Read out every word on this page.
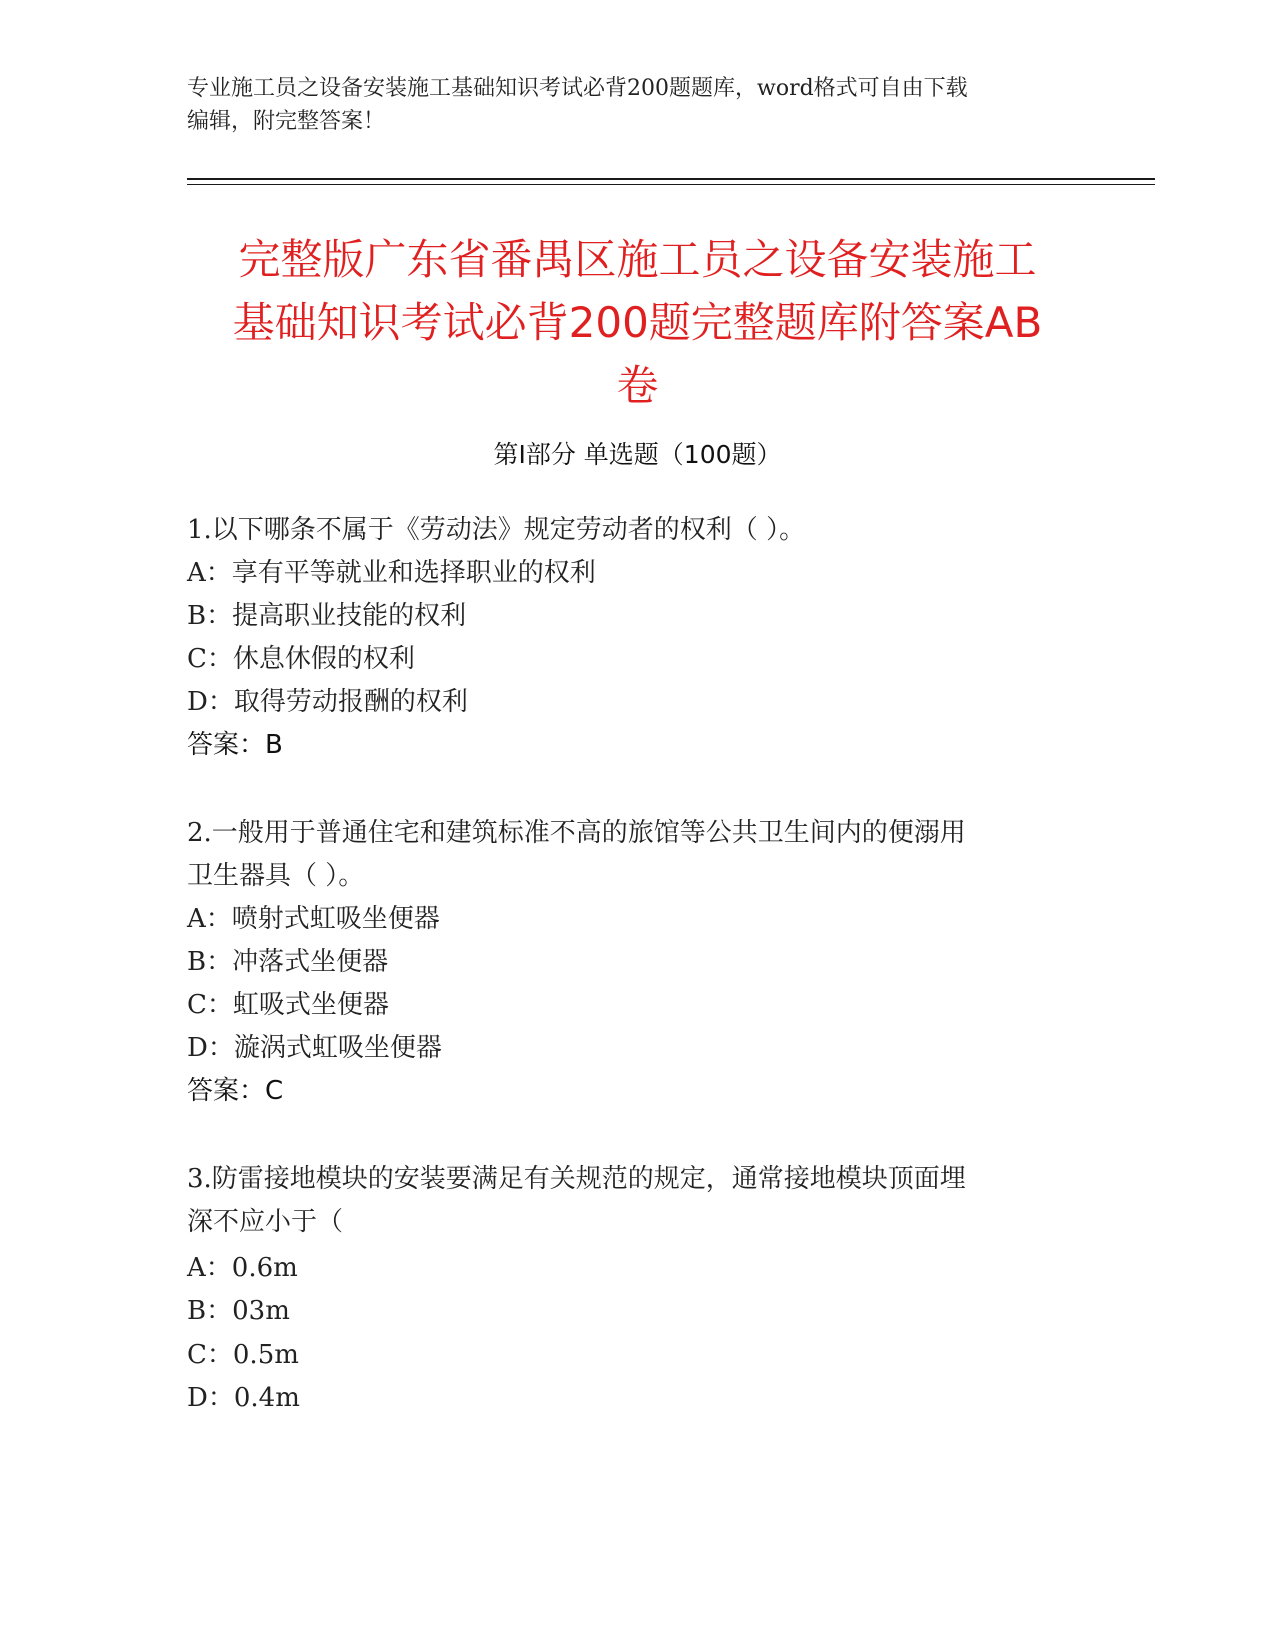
专业施工员之设备安装施工基础知识考试必背200题题库，word格式可自由下载
编辑，附完整答案！
完整版广东省番禺区施工员之设备安装施工
基础知识考试必背200题完整题库附答案AB
卷
第I部分 单选题（100题）
1.以下哪条不属于《劳动法》规定劳动者的权利（ ）。
A：享有平等就业和选择职业的权利
B：提高职业技能的权利
C：休息休假的权利
D：取得劳动报酬的权利
答案：B
2.一般用于普通住宅和建筑标准不高的旅馆等公共卫生间内的便溺用
卫生器具（ ）。
A：喷射式虹吸坐便器
B：冲落式坐便器
C：虹吸式坐便器
D：漩涡式虹吸坐便器
答案：C
3.防雷接地模块的安装要满足有关规范的规定，通常接地模块顶面埋
深不应小于（
A：0.6m
B：03m
C：0.5m
D：0.4m
